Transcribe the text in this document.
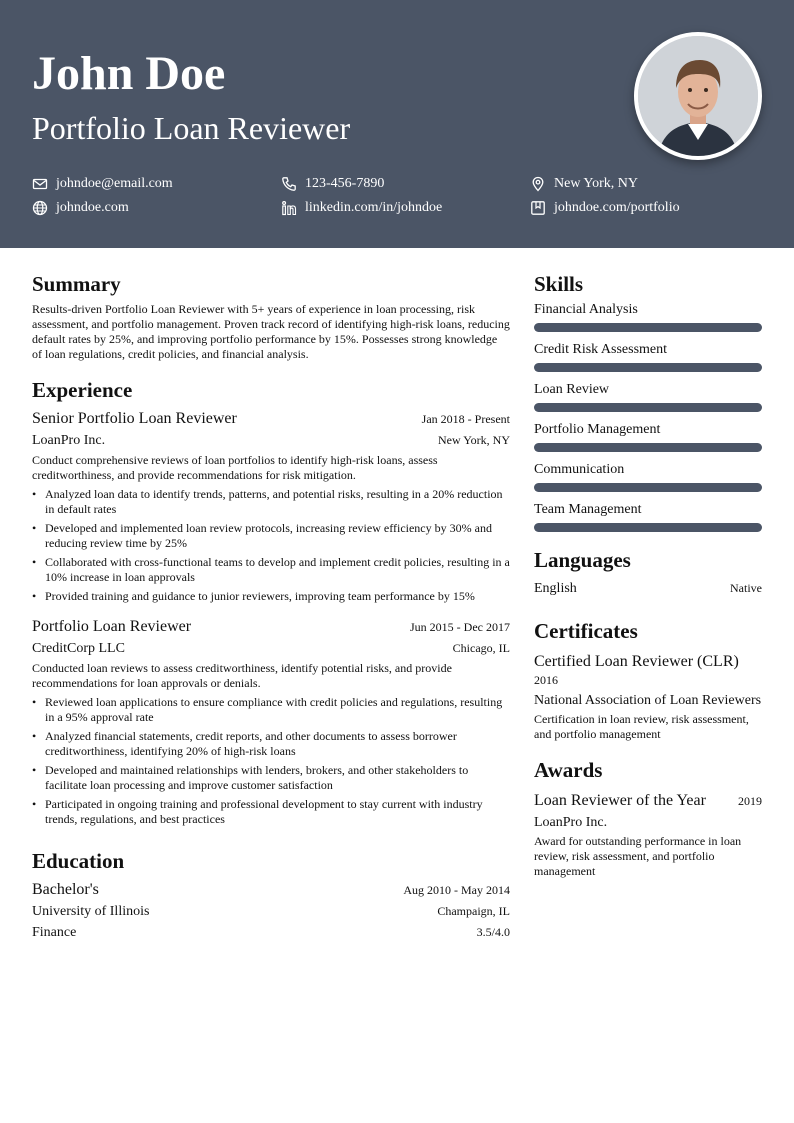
John Doe
Portfolio Loan Reviewer
johndoe@email.com	123-456-7890	New York, NY
johndoe.com	linkedin.com/in/johndoe	johndoe.com/portfolio
Summary

Results-driven Portfolio Loan Reviewer with 5+ years of experience in loan processing, risk assessment, and portfolio management. Proven track record of identifying high-risk loans, reducing default rates by 25%, and improving portfolio performance by 15%. Possesses strong knowledge of loan regulations, credit policies, and financial analysis.

Experience
Senior Portfolio Loan Reviewer	Jan 2018 - Present
LoanPro Inc.	New York, NY

Conduct comprehensive reviews of loan portfolios to identify high-risk loans, assess creditworthiness, and provide recommendations for risk mitigation.

• Analyzed loan data to identify trends, patterns, and potential risks, resulting in a 20% reduction in default rates
• Developed and implemented loan review protocols, increasing review efficiency by 30% and reducing review time by 25%
• Collaborated with cross-functional teams to develop and implement credit policies, resulting in a 10% increase in loan approvals
• Provided training and guidance to junior reviewers, improving team performance by 15%
Portfolio Loan Reviewer	Jun 2015 - Dec 2017
CreditCorp LLC	Chicago, IL

Conducted loan reviews to assess creditworthiness, identify potential risks, and provide recommendations for loan approvals or denials.

• Reviewed loan applications to ensure compliance with credit policies and regulations, resulting in a 95% approval rate
• Analyzed financial statements, credit reports, and other documents to assess borrower creditworthiness, identifying 20% of high-risk loans
• Developed and maintained relationships with lenders, brokers, and other stakeholders to facilitate loan processing and improve customer satisfaction
• Participated in ongoing training and professional development to stay current with industry trends, regulations, and best practices
Education
Bachelor's	Aug 2010 - May 2014
University of Illinois	Champaign, IL
Finance	3.5/4.0
Skills
Financial Analysis
Credit Risk Assessment
Loan Review
Portfolio Management
Communication
Team Management
Languages
English	Native
Certificates
Certified Loan Reviewer (CLR)
2016
National Association of Loan Reviewers
Certification in loan review, risk assessment, and portfolio management
Awards
Loan Reviewer of the Year	2019
LoanPro Inc.
Award for outstanding performance in loan review, risk assessment, and portfolio management
